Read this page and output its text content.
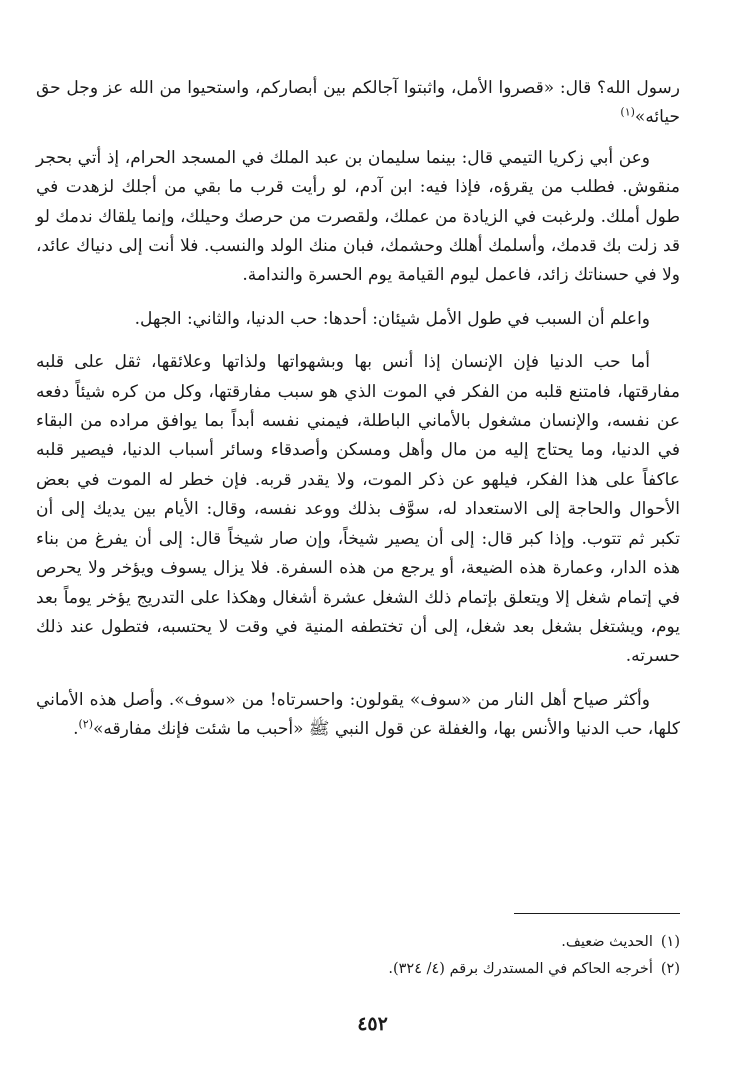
رسول الله؟ قال: «قصروا الأمل، واثبتوا آجالكم بين أبصاركم، واستحيوا من الله عز وجل حق حيائه»$^{(١)}$

وعن أبي زكريا التيمي قال: بينما سليمان بن عبد الملك في المسجد الحرام، إذ أتي بحجر منقوش. فطلب من يقرؤه، فإذا فيه: ابن آدم، لو رأيت قرب ما بقي من أجلك لزهدت في طول أملك. ولرغبت في الزيادة من عملك، ولقصرت من حرصك وحيلك، وإنما يلقاك ندمك لو قد زلت بك قدمك، وأسلمك أهلك وحشمك، فبان منك الولد والنسب. فلا أنت إلى دنياك عائد، ولا في حسناتك زائد، فاعمل ليوم القيامة يوم الحسرة والندامة.

واعلم أن السبب في طول الأمل شيئان: أحدها: حب الدنيا، والثاني: الجهل.

أما حب الدنيا فإن الإنسان إذا أنس بها وبشهواتها ولذاتها وعلائقها، ثقل على قلبه مفارقتها، فامتنع قلبه من الفكر في الموت الذي هو سبب مفارقتها، وكل من كره شيئاً دفعه عن نفسه، والإنسان مشغول بالأماني الباطلة، فيمني نفسه أبداً بما يوافق مراده من البقاء في الدنيا، وما يحتاج إليه من مال وأهل ومسكن وأصدقاء وسائر أسباب الدنيا، فيصير قلبه عاكفاً على هذا الفكر، فيلهو عن ذكر الموت، ولا يقدر قربه. فإن خطر له الموت في بعض الأحوال والحاجة إلى الاستعداد له، سوَّف بذلك ووعد نفسه، وقال: الأيام بين يديك إلى أن تكبر ثم تتوب. وإذا كبر قال: إلى أن يصير شيخاً، وإن صار شيخاً قال: إلى أن يفرغ من بناء هذه الدار، وعمارة هذه الضيعة، أو يرجع من هذه السفرة. فلا يزال يسوف ويؤخر ولا يحرص في إتمام شغل إلا ويتعلق بإتمام ذلك الشغل عشرة أشغال وهكذا على التدريج يؤخر يوماً بعد يوم، ويشتغل بشغل بعد شغل، إلى أن تختطفه المنية في وقت لا يحتسبه، فتطول عند ذلك حسرته.

وأكثر صياح أهل النار من «سوف» يقولون: واحسرتاه! من «سوف». وأصل هذه الأماني كلها، حب الدنيا والأنس بها، والغفلة عن قول النبي ﷺ «أحبب ما شئت فإنك مفارقه»$^{(٢)}$.

(١)الحديث ضعيف.
(٢)أخرجه الحاكم في المستدرك برقم (٤/ ٣٢٤).
٤٥٢
